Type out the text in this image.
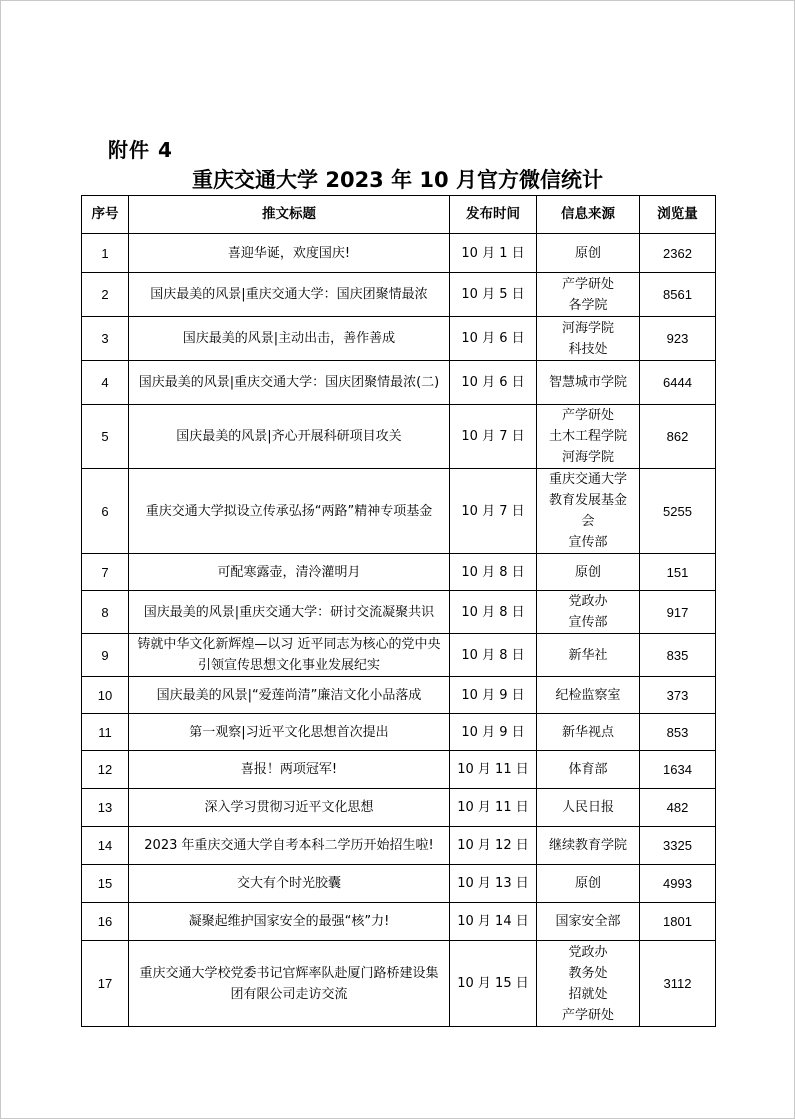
附件 4
重庆交通大学 2023 年 10 月官方微信统计
序号	推文标题	发布时间	信息来源	浏览量
1	喜迎华诞，欢度国庆!	10 月 1 日	原创	2362
2	国庆最美的风景|重庆交通大学：国庆团聚情最浓	10 月 5 日	产学研处
各学院	8561
3	国庆最美的风景|主动出击，善作善成	10 月 6 日	河海学院
科技处	923
4	国庆最美的风景|重庆交通大学：国庆团聚情最浓(二)	10 月 6 日	智慧城市学院	6444
5	国庆最美的风景|齐心开展科研项目攻关	10 月 7 日	产学研处
土木工程学院
河海学院	862
6	重庆交通大学拟设立传承弘扬“两路”精神专项基金	10 月 7 日	重庆交通大学教育发展基金会
宣传部	5255
7	可配寒露壶，清泠灌明月	10 月 8 日	原创	151
8	国庆最美的风景|重庆交通大学：研讨交流凝聚共识	10 月 8 日	党政办
宣传部	917
9	铸就中华文化新辉煌—以习 近平同志为核心的党中央引领宣传思想文化事业发展纪实	10 月 8 日	新华社	835
10	国庆最美的风景|“爱莲尚清”廉洁文化小品落成	10 月 9 日	纪检监察室	373
11	第一观察|习近平文化思想首次提出	10 月 9 日	新华视点	853
12	喜报！两项冠军!	10 月 11 日	体育部	1634
13	深入学习贯彻习近平文化思想	10 月 11 日	人民日报	482
14	2023 年重庆交通大学自考本科二学历开始招生啦!	10 月 12 日	继续教育学院	3325
15	交大有个时光胶囊	10 月 13 日	原创	4993
16	凝聚起维护国家安全的最强“核”力!	10 月 14 日	国家安全部	1801
17	重庆交通大学校党委书记官辉率队赴厦门路桥建设集团有限公司走访交流	10 月 15 日	党政办
教务处
招就处
产学研处	3112
